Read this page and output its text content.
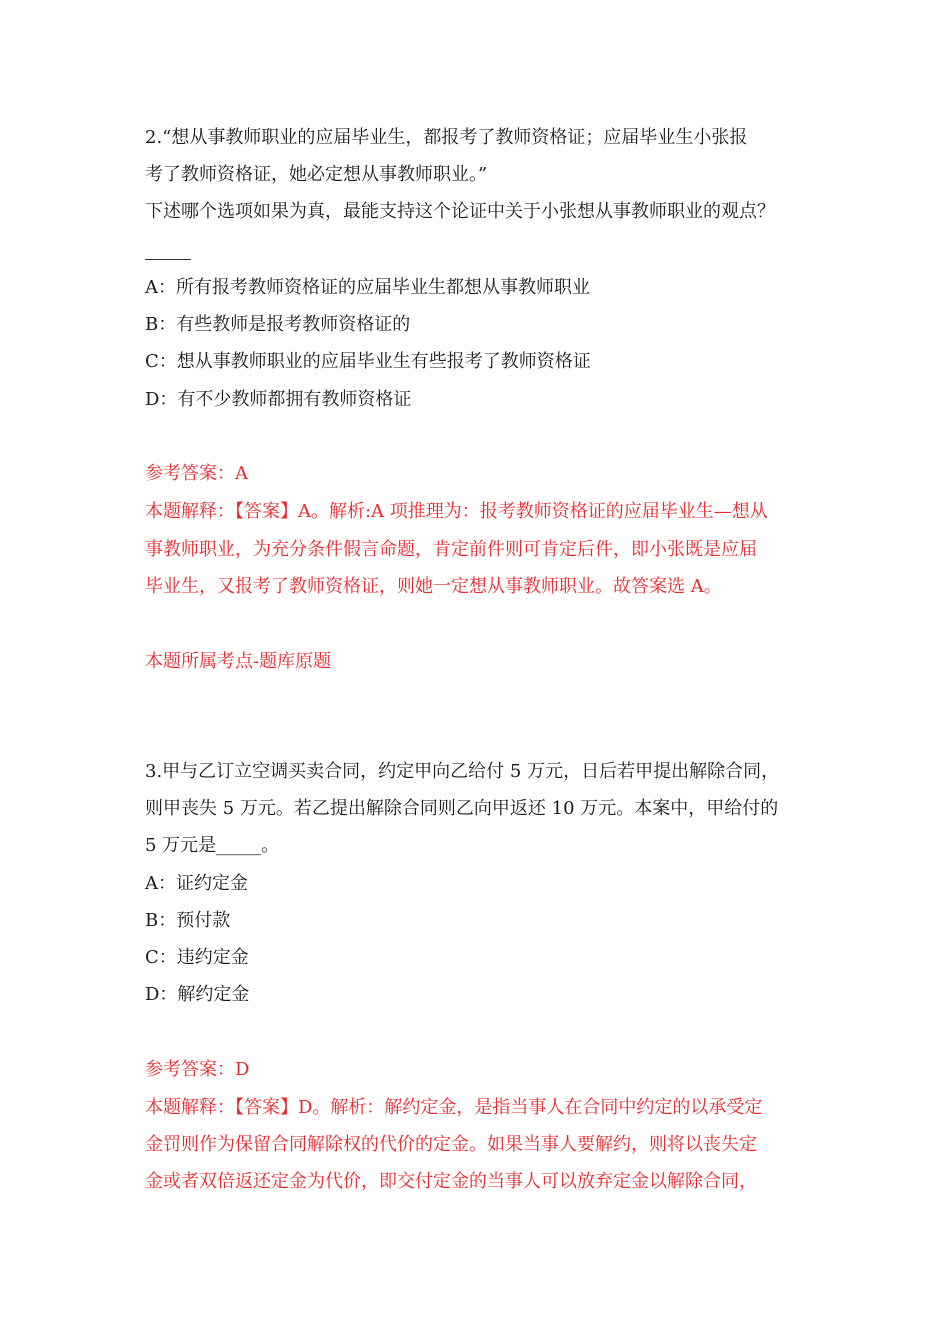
2.“想从事教师职业的应届毕业生，都报考了教师资格证；应届毕业生小张报
考了教师资格证，她必定想从事教师职业。”
下述哪个选项如果为真，最能支持这个论证中关于小张想从事教师职业的观点？
A：所有报考教师资格证的应届毕业生都想从事教师职业
B：有些教师是报考教师资格证的
C：想从事教师职业的应届毕业生有些报考了教师资格证
D：有不少教师都拥有教师资格证
参考答案：A
本题解释：【答案】A。解析:A 项推理为：报考教师资格证的应届毕业生—想从
事教师职业，为充分条件假言命题，肯定前件则可肯定后件，即小张既是应届
毕业生，又报考了教师资格证，则她一定想从事教师职业。故答案选 A。
本题所属考点-题库原题
3.甲与乙订立空调买卖合同，约定甲向乙给付 5 万元，日后若甲提出解除合同，
则甲丧失 5 万元。若乙提出解除合同则乙向甲返还 10 万元。本案中，甲给付的
5 万元是_____。
A：证约定金
B：预付款
C：违约定金
D：解约定金
参考答案：D
本题解释：【答案】D。解析：解约定金，是指当事人在合同中约定的以承受定
金罚则作为保留合同解除权的代价的定金。如果当事人要解约，则将以丧失定
金或者双倍返还定金为代价，即交付定金的当事人可以放弃定金以解除合同，
